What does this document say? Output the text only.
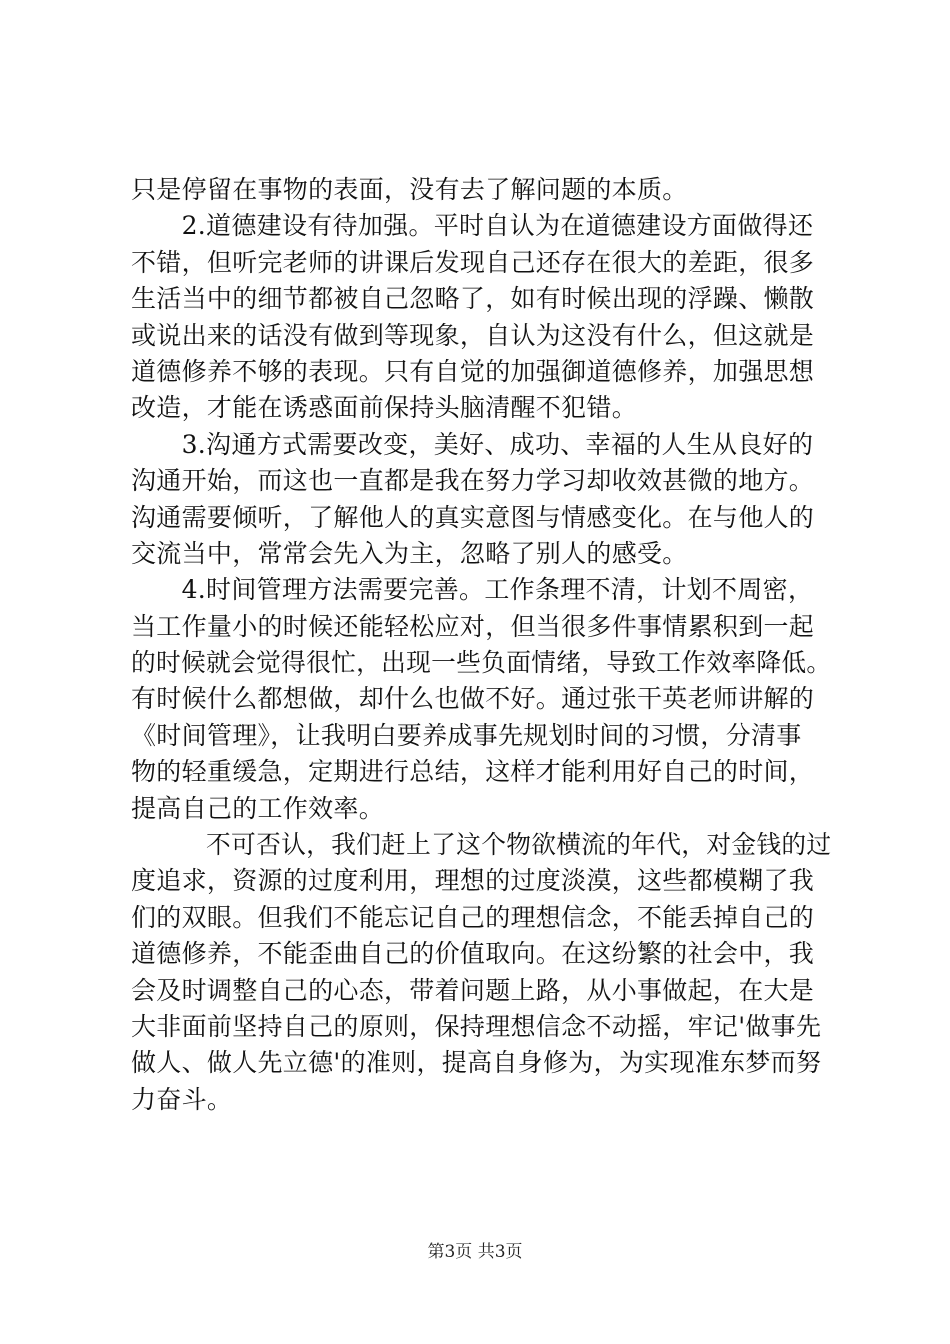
只是停留在事物的表面，没有去了解问题的本质。
　　2.道德建设有待加强。平时自认为在道德建设方面做得还
不错，但听完老师的讲课后发现自己还存在很大的差距，很多
生活当中的细节都被自己忽略了，如有时候出现的浮躁、懒散
或说出来的话没有做到等现象，自认为这没有什么，但这就是
道德修养不够的表现。只有自觉的加强御道德修养，加强思想
改造，才能在诱惑面前保持头脑清醒不犯错。
　　3.沟通方式需要改变，美好、成功、幸福的人生从良好的
沟通开始，而这也一直都是我在努力学习却收效甚微的地方。
沟通需要倾听，了解他人的真实意图与情感变化。在与他人的
交流当中，常常会先入为主，忽略了别人的感受。
　　4.时间管理方法需要完善。工作条理不清，计划不周密，
当工作量小的时候还能轻松应对，但当很多件事情累积到一起
的时候就会觉得很忙，出现一些负面情绪，导致工作效率降低。
有时候什么都想做，却什么也做不好。通过张干英老师讲解的
《时间管理》，让我明白要养成事先规划时间的习惯，分清事
物的轻重缓急，定期进行总结，这样才能利用好自己的时间，
提高自己的工作效率。
　　　不可否认，我们赶上了这个物欲横流的年代，对金钱的过
度追求，资源的过度利用，理想的过度淡漠，这些都模糊了我
们的双眼。但我们不能忘记自己的理想信念，不能丢掉自己的
道德修养，不能歪曲自己的价值取向。在这纷繁的社会中，我
会及时调整自己的心态，带着问题上路，从小事做起，在大是
大非面前坚持自己的原则，保持理想信念不动摇，牢记'做事先
做人、做人先立德'的准则，提高自身修为，为实现准东梦而努
力奋斗。
第3页 共3页
